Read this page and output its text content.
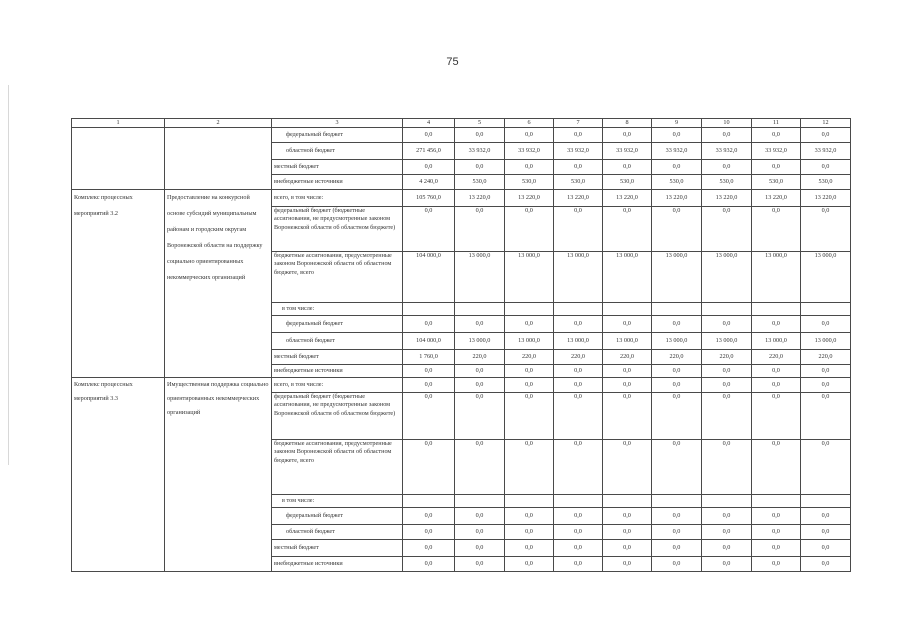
75
1	2	3	4	5	6	7	8	9	10	11	12
		федеральный бюджет	0,0	0,0	0,0	0,0	0,0	0,0	0,0	0,0	0,0
		областной бюджет	271 456,0	33 932,0	33 932,0	33 932,0	33 932,0	33 932,0	33 932,0	33 932,0	33 932,0
		местный бюджет	0,0	0,0	0,0	0,0	0,0	0,0	0,0	0,0	0,0
		внебюджетные источники	4 240,0	530,0	530,0	530,0	530,0	530,0	530,0	530,0	530,0
Комплекс процессных мероприятий 3.2	Предоставление на конкурсной основе субсидий муниципальным районам и городским округам Воронежской области на поддержку социально ориентированных некоммерческих организаций	всего, в том числе:	105 760,0	13 220,0	13 220,0	13 220,0	13 220,0	13 220,0	13 220,0	13 220,0	13 220,0
		федеральный бюджет (бюджетные ассигнования, не предусмотренные законом Воронежской области об областном бюджете)	0,0	0,0	0,0	0,0	0,0	0,0	0,0	0,0	0,0
		бюджетные ассигнования, предусмотренные законом Воронежской области об областном бюджете, всего	104 000,0	13 000,0	13 000,0	13 000,0	13 000,0	13 000,0	13 000,0	13 000,0	13 000,0
		в том числе:									
		федеральный бюджет	0,0	0,0	0,0	0,0	0,0	0,0	0,0	0,0	0,0
		областной бюджет	104 000,0	13 000,0	13 000,0	13 000,0	13 000,0	13 000,0	13 000,0	13 000,0	13 000,0
		местный бюджет	1 760,0	220,0	220,0	220,0	220,0	220,0	220,0	220,0	220,0
		внебюджетные источники	0,0	0,0	0,0	0,0	0,0	0,0	0,0	0,0	0,0
Комплекс процессных мероприятий 3.3	Имущественная поддержка социально ориентированных некоммерческих организаций	всего, в том числе:	0,0	0,0	0,0	0,0	0,0	0,0	0,0	0,0	0,0
		федеральный бюджет (бюджетные ассигнования, не предусмотренные законом Воронежской области об областном бюджете)	0,0	0,0	0,0	0,0	0,0	0,0	0,0	0,0	0,0
		бюджетные ассигнования, предусмотренные законом Воронежской области об областном бюджете, всего	0,0	0,0	0,0	0,0	0,0	0,0	0,0	0,0	0,0
		в том числе:									
		федеральный бюджет	0,0	0,0	0,0	0,0	0,0	0,0	0,0	0,0	0,0
		областной бюджет	0,0	0,0	0,0	0,0	0,0	0,0	0,0	0,0	0,0
		местный бюджет	0,0	0,0	0,0	0,0	0,0	0,0	0,0	0,0	0,0
		внебюджетные источники	0,0	0,0	0,0	0,0	0,0	0,0	0,0	0,0	0,0
